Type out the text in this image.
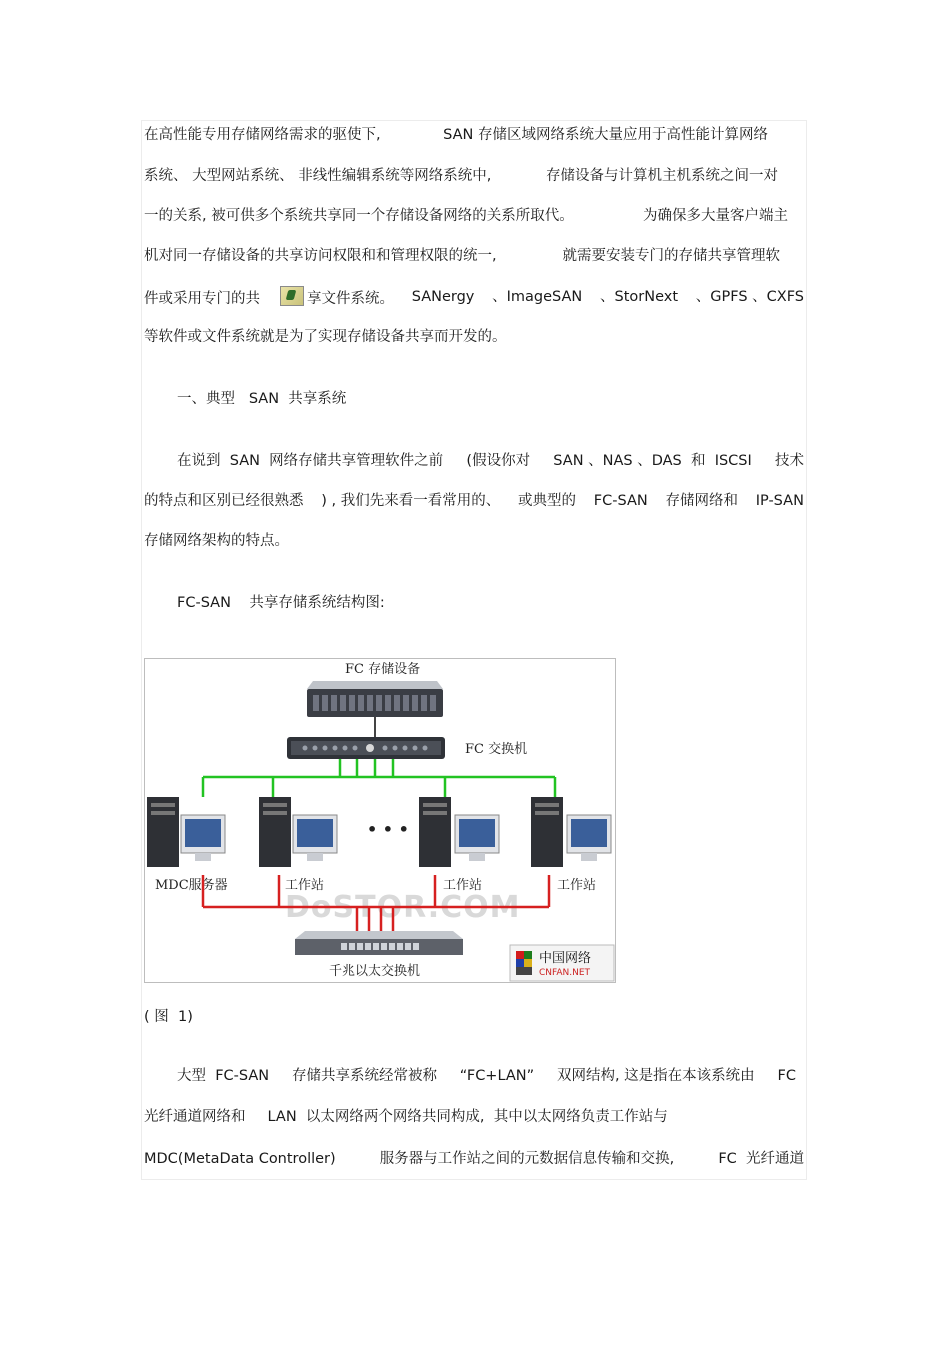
在高性能专用存储网络需求的驱使下,	SAN 存储区域网络系统大量应用于高性能计算网络
系统、 大型网站系统、 非线性编辑系统等网络系统中,	存储设备与计算机主机系统之间一对
一的关系, 被可供多个系统共享同一个存储设备网络的关系所取代。	为确保多大量客户端主
机对同一存储设备的共享访问权限和和管理权限的统一,	就需要安装专门的存储共享管理软
件或采用专门的共	享文件系统。 SANergy 、ImageSAN 、StorNext 、GPFS 、CXFS
等软件或文件系统就是为了实现存储设备共享而开发的。
一、典型   SAN  共享系统
在说到  SAN  网络存储共享管理软件之前 (假设你对 SAN 、NAS 、DAS  和  ISCSI 技术
的特点和区别已经很熟悉 ) , 我们先来看一看常用的、 或典型的 FC-SAN 存储网络和 IP-SAN
存储网络架构的特点。
FC-SAN    共享存储系统结构图:
DoSTOR.COM
FC 存储设备
FC 交换机
• • •
MDC服务器	工作站	工作站	工作站
千兆以太交换机
中国网络
CNFAN.NET
( 图  1)
大型  FC-SAN 存储共享系统经常被称 “FC+LAN” 双网结构, 这是指在本该系统由 FC
光纤通道网络和 LAN  以太网络两个网络共同构成,  其中以太网络负责工作站与
MDC(MetaData Controller)	服务器与工作站之间的元数据信息传输和交换,	FC  光纤通道
